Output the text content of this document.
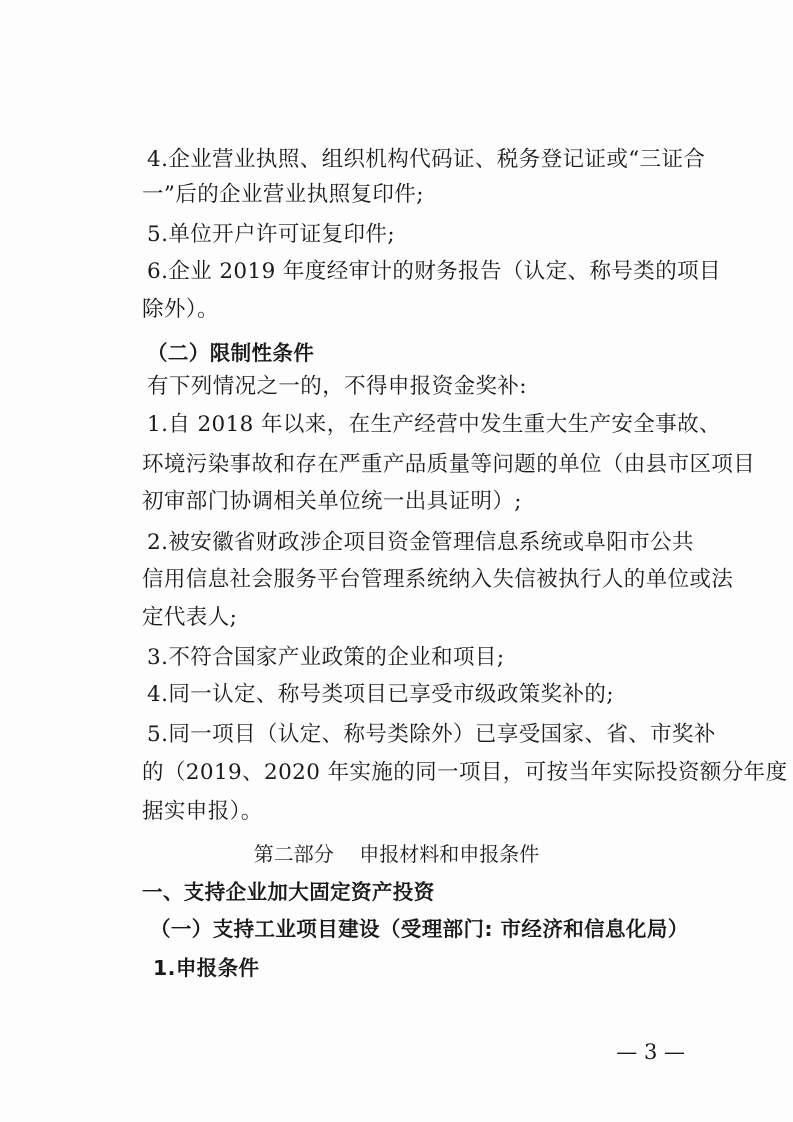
4.企业营业执照、组织机构代码证、税务登记证或“三证合
一”后的企业营业执照复印件;
5.单位开户许可证复印件;
6.企业 2019 年度经审计的财务报告（认定、称号类的项目
除外）。
（二）限制性条件
有下列情况之一的，不得申报资金奖补:
1.自 2018 年以来，在生产经营中发生重大生产安全事故、
环境污染事故和存在严重产品质量等问题的单位（由县市区项目
初审部门协调相关单位统一出具证明）;
2.被安徽省财政涉企项目资金管理信息系统或阜阳市公共
信用信息社会服务平台管理系统纳入失信被执行人的单位或法
定代表人;
3.不符合国家产业政策的企业和项目;
4.同一认定、称号类项目已享受市级政策奖补的;
5.同一项目（认定、称号类除外）已享受国家、省、市奖补
的（2019、2020 年实施的同一项目，可按当年实际投资额分年度
据实申报）。
第二部分    申报材料和申报条件
一、支持企业加大固定资产投资
（一）支持工业项目建设（受理部门: 市经济和信息化局）
1.申报条件
— 3 —
